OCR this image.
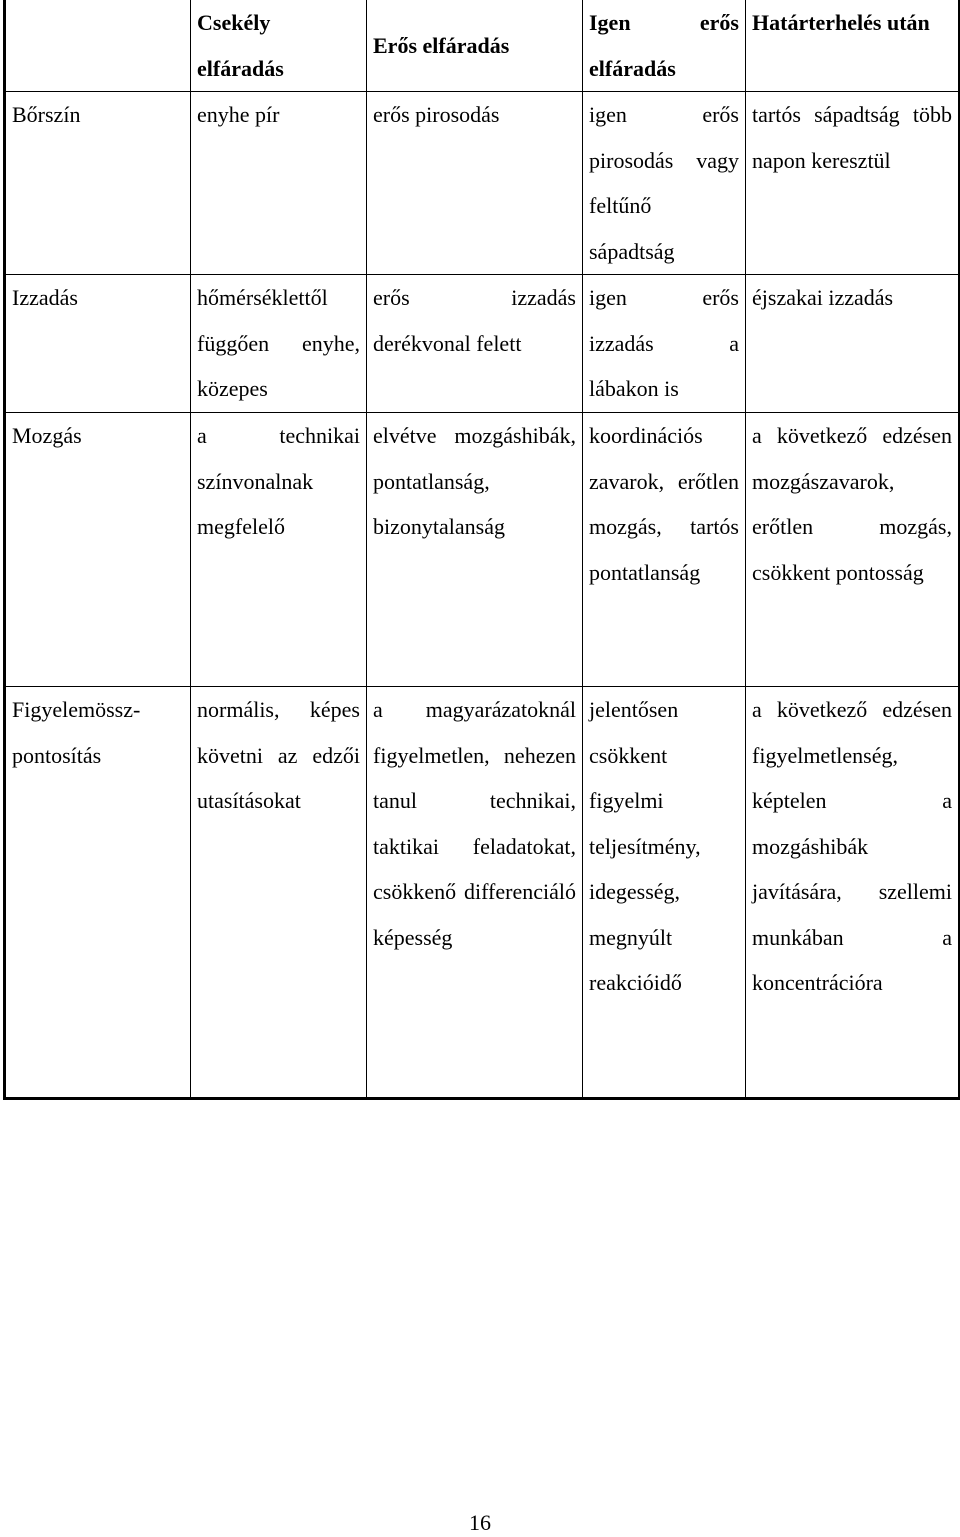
	Csekély elfáradás	Erős elfáradás	Igen erős elfáradás	Határterhelés után
Bőrszín	enyhe pír	erős pirosodás	igen erős pirosodás vagy feltűnő sápadtság	tartós sápadtság több napon keresztül
Izzadás	hőmérséklettől függően enyhe, közepes	erős izzadás derékvonal felett	igen erős izzadás a lábakon is	éjszakai izzadás
Mozgás	a technikai színvonalnak megfelelő	elvétve mozgáshibák, pontatlanság, bizonytalanság	koordinációs zavarok, erőtlen mozgás, tartós pontatlanság	a következő edzésen mozgászavarok, erőtlen mozgás, csökkent pontosság
Figyelemössz-pontosítás	normális, képes követni az edzői utasításokat	a magyarázatoknál figyelmetlen, nehezen tanul technikai, taktikai feladatokat, csökkenő differenciáló képesség	jelentősen csökkent figyelmi teljesítmény, idegesség, megnyúlt reakcióidő	a következő edzésen figyelmetlenség, képtelen a mozgáshibák javítására, szellemi munkában a koncentrációra
16
